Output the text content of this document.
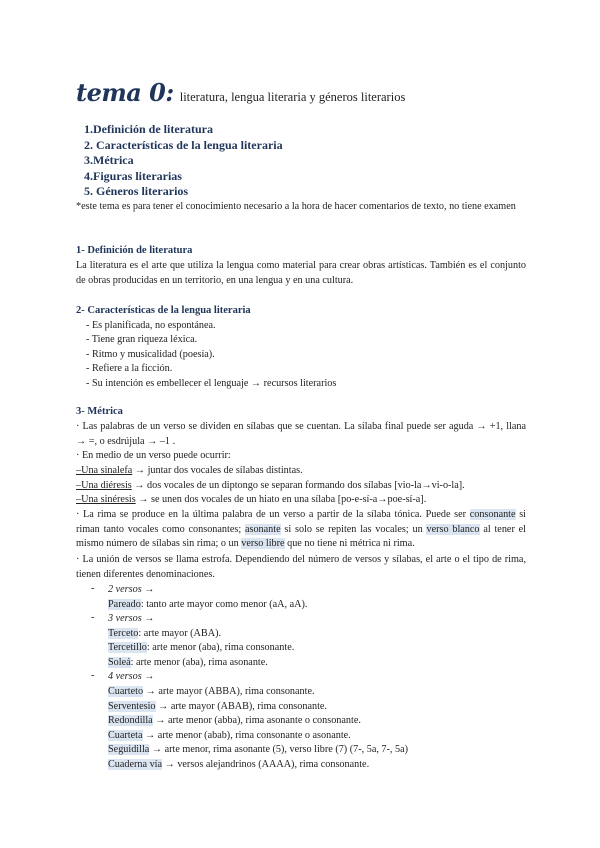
tema 0: literatura, lengua literaria y géneros literarios
1.Definición de literatura
2. Características de la lengua literaria
3.Métrica
4.Figuras literarias
5. Géneros literarios
*este tema es para tener el conocimiento necesario a la hora de hacer comentarios de texto, no tiene examen
1- Definición de literatura
La literatura es el arte que utiliza la lengua como material para crear obras artísticas. También es el conjunto de obras producidas en un territorio, en una lengua y en una cultura.
2- Características de la lengua literaria
- Es planificada, no espontánea.
- Tiene gran riqueza léxica.
- Ritmo y musicalidad (poesía).
- Refiere a la ficción.
- Su intención es embellecer el lenguaje → recursos literarios
3- Métrica
· Las palabras de un verso se dividen en sílabas que se cuentan. La sílaba final puede ser aguda → +1, llana → =, o esdrújula → –1 .
· En medio de un verso puede ocurrir:
–Una sinalefa → juntar dos vocales de sílabas distintas.
–Una diéresis → dos vocales de un diptongo se separan formando dos sílabas [vio-la→vi-o-la].
–Una sinéresis → se unen dos vocales de un hiato en una sílaba [po-e-sí-a→poe-sí-a].
· La rima se produce en la última palabra de un verso a partir de la sílaba tónica. Puede ser consonante si riman tanto vocales como consonantes; asonante si solo se repiten las vocales; un verso blanco al tener el mismo número de sílabas sin rima; o un verso libre que no tiene ni métrica ni rima.
· La unión de versos se llama estrofa. Dependiendo del número de versos y sílabas, el arte o el tipo de rima, tienen diferentes denominaciones.
- 2 versos →
Pareado: tanto arte mayor como menor (aA, aA).
- 3 versos →
Terceto: arte mayor (ABA).
Tercetillo: arte menor (aba), rima consonante.
Soleá: arte menor (aba), rima asonante.
- 4 versos →
Cuarteto → arte mayor (ABBA), rima consonante.
Serventesio → arte mayor (ABAB), rima consonante.
Redondilla → arte menor (abba), rima asonante o consonante.
Cuarteta → arte menor (abab), rima consonante o asonante.
Seguidilla → arte menor, rima asonante (5), verso libre (7) (7-, 5a, 7-, 5a)
Cuaderna vía → versos alejandrinos (AAAA), rima consonante.
